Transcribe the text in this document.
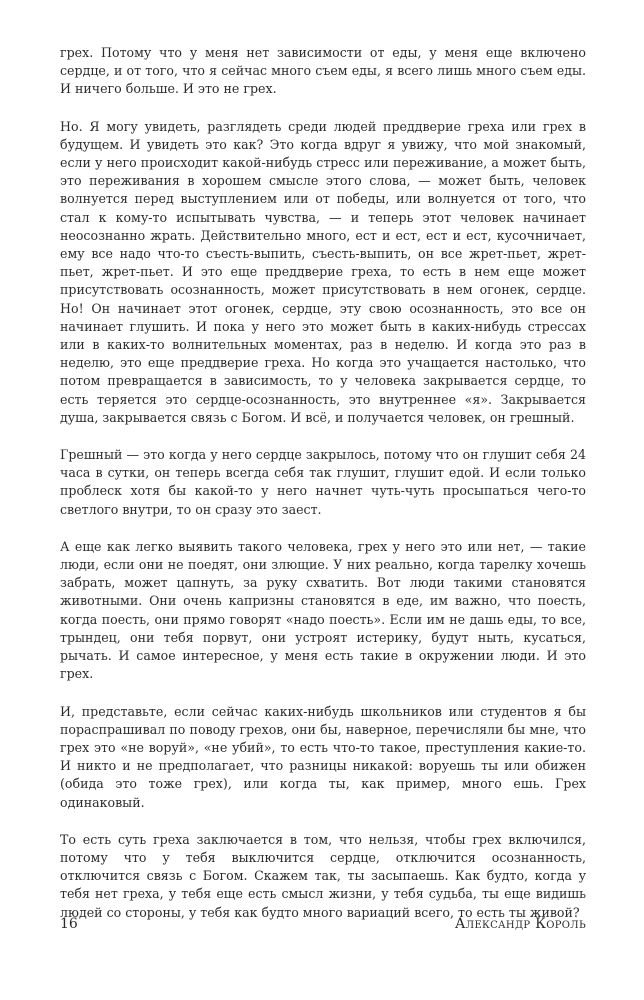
грех. Потому что у меня нет зависимости от еды, у меня еще включено сердце, и от того, что я сейчас много съем еды, я всего лишь много съем еды. И ничего больше. И это не грех.

Но. Я могу увидеть, разглядеть среди людей преддверие греха или грех в будущем. И увидеть это как? Это когда вдруг я увижу, что мой знакомый, если у него происходит какой-нибудь стресс или переживание, а может быть, это переживания в хорошем смысле этого слова, — может быть, человек волнуется перед выступлением или от победы, или волнуется от того, что стал к кому-то испытывать чувства, — и теперь этот человек начинает неосознанно жрать. Действительно много, ест и ест, ест и ест, кусочничает, ему все надо что-то съесть-выпить, съесть-выпить, он все жрет-пьет, жрет-пьет, жрет-пьет. И это еще преддверие греха, то есть в нем еще может присутствовать осознанность, может присутствовать в нем огонек, сердце. Но! Он начинает этот огонек, сердце, эту свою осознанность, это все он начинает глушить. И пока у него это может быть в каких-нибудь стрессах или в каких-то волнительных моментах, раз в неделю. И когда это раз в неделю, это еще преддверие греха. Но когда это учащается настолько, что потом превращается в зависимость, то у человека закрывается сердце, то есть теряется это сердце-осознанность, это внутреннее «я». Закрывается душа, закрывается связь с Богом. И всё, и получается человек, он грешный.

Грешный — это когда у него сердце закрылось, потому что он глушит себя 24 часа в сутки, он теперь всегда себя так глушит, глушит едой. И если только проблеск хотя бы какой-то у него начнет чуть-чуть просыпаться чего-то светлого внутри, то он сразу это заест.

А еще как легко выявить такого человека, грех у него это или нет, — такие люди, если они не поедят, они злющие. У них реально, когда тарелку хочешь забрать, может цапнуть, за руку схватить. Вот люди такими становятся животными. Они очень капризны становятся в еде, им важно, что поесть, когда поесть, они прямо говорят «надо поесть». Если им не дашь еды, то все, трындец, они тебя порвут, они устроят истерику, будут ныть, кусаться, рычать. И самое интересное, у меня есть такие в окружении люди. И это грех.

И, представьте, если сейчас каких-нибудь школьников или студентов я бы пораспрашивал по поводу грехов, они бы, наверное, перечисляли бы мне, что грех это «не воруй», «не убий», то есть что-то такое, преступления какие-то. И никто и не предполагает, что разницы никакой: воруешь ты или обижен (обида это тоже грех), или когда ты, как пример, много ешь. Грех одинаковый.

То есть суть греха заключается в том, что нельзя, чтобы грех включился, потому что у тебя выключится сердце, отключится осознанность, отключится связь с Богом. Скажем так, ты засыпаешь. Как будто, когда у тебя нет греха, у тебя еще есть смысл жизни, у тебя судьба, ты еще видишь людей со стороны, у тебя как будто много вариаций всего, то есть ты живой?

16	Александр Король
